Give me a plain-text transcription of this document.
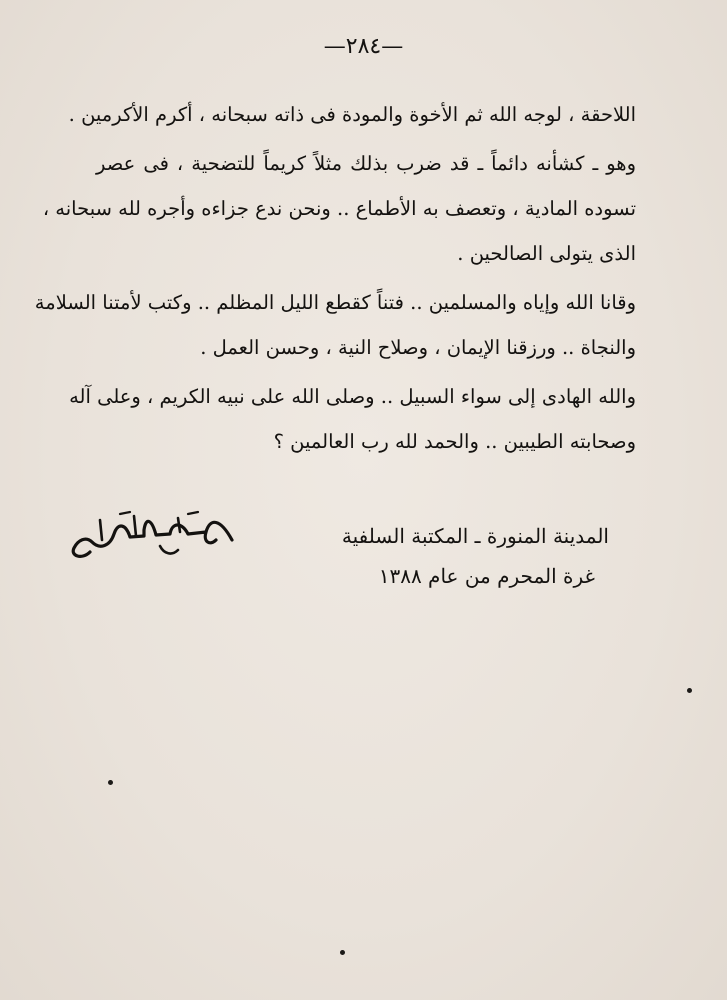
—٢٨٤—
اللاحقة ، لوجه الله ثم الأخوة والمودة فى ذاته سبحانه ، أكرم الأكرمين .
وهو ـ كشأنه دائماً ـ قد ضرب بذلك مثلاً كريماً للتضحية ، فى عصر
تسوده المادية ، وتعصف به الأطماع .. ونحن ندع جزاءه وأجره لله سبحانه ،
الذى يتولى الصالحين .
وقانا الله وإياه والمسلمين .. فتناً كقطع الليل المظلم .. وكتب لأمتنا السلامة
والنجاة .. ورزقنا الإيمان ، وصلاح النية ، وحسن العمل .
والله الهادى إلى سواء السبيل .. وصلى الله على نبيه الكريم ، وعلى آله
وصحابته الطيبين .. والحمد لله رب العالمين ؟
المدينة المنورة ـ المكتبة السلفية
غرة المحرم من عام ١٣٨٨
